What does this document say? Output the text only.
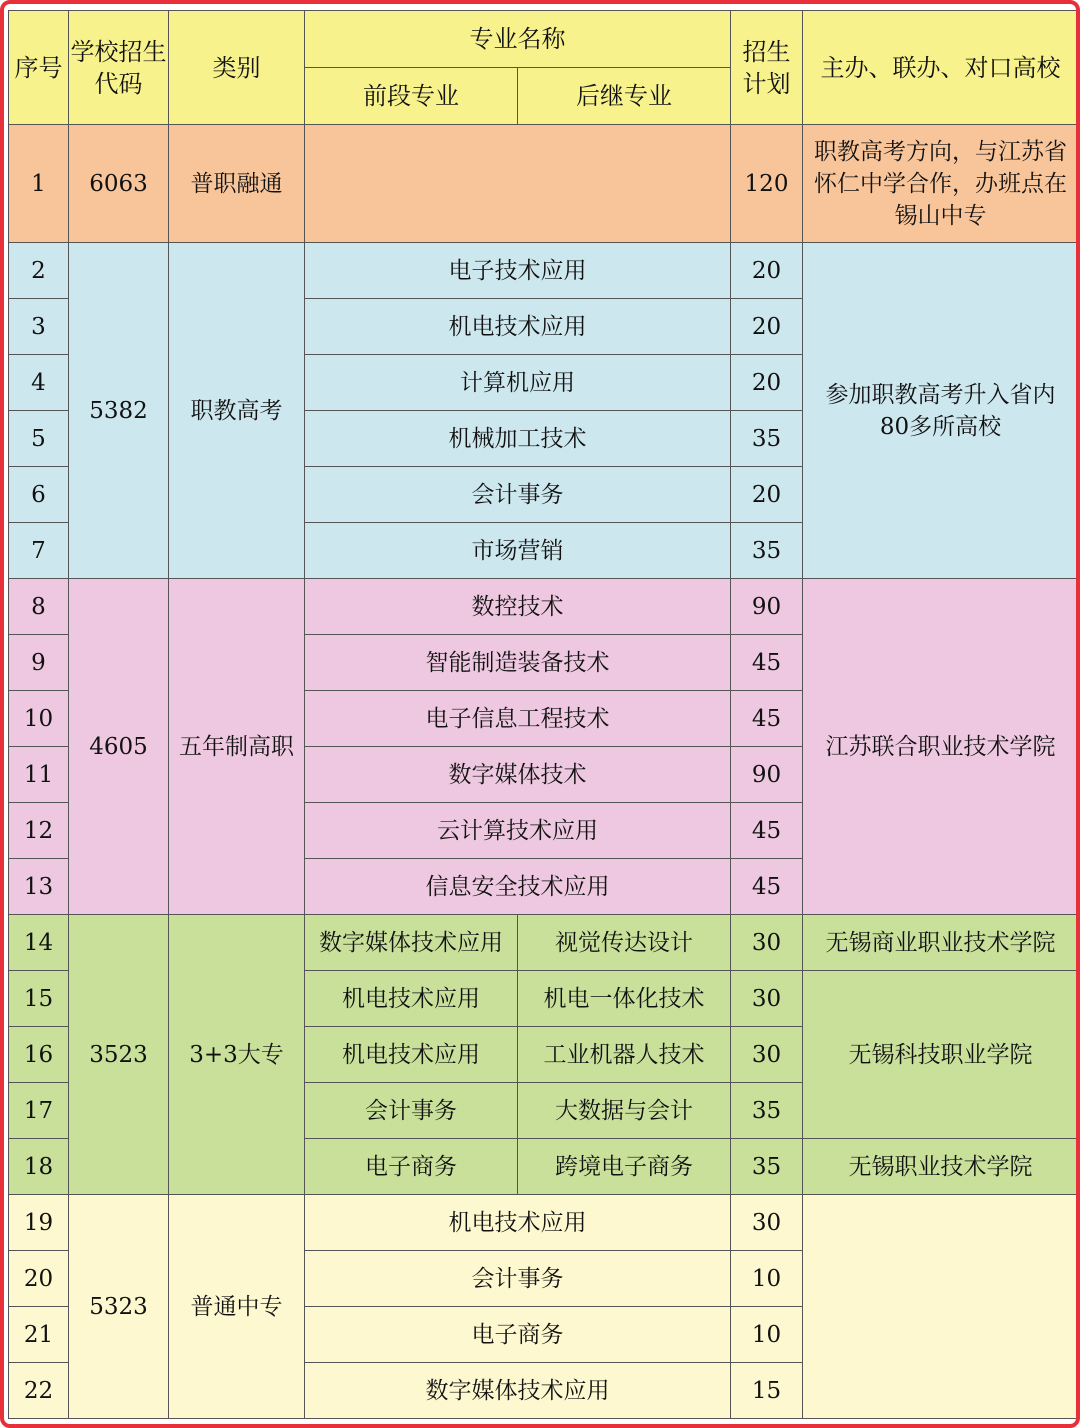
序号	学校招生代码	类别	专业名称		招生计划	主办、联办、对口高校
			前段专业	后继专业		
1	6063	普职融通			120	职教高考方向，与江苏省怀仁中学合作，办班点在锡山中专
2	5382	职教高考	电子技术应用		20	参加职教高考升入省内80多所高校
3			机电技术应用		20	
4			计算机应用		20	
5			机械加工技术		35	
6			会计事务		20	
7			市场营销		35	
8	4605	五年制高职	数控技术		90	江苏联合职业技术学院
9			智能制造装备技术		45	
10			电子信息工程技术		45	
11			数字媒体技术		90	
12			云计算技术应用		45	
13			信息安全技术应用		45	
14	3523	3+3大专	数字媒体技术应用	视觉传达设计	30	无锡商业职业技术学院
15			机电技术应用	机电一体化技术	30	无锡科技职业学院
16			机电技术应用	工业机器人技术	30	
17			会计事务	大数据与会计	35	
18			电子商务	跨境电子商务	35	无锡职业技术学院
19	5323	普通中专	机电技术应用		30	
20			会计事务		10	
21			电子商务		10	
22			数字媒体技术应用		15	
